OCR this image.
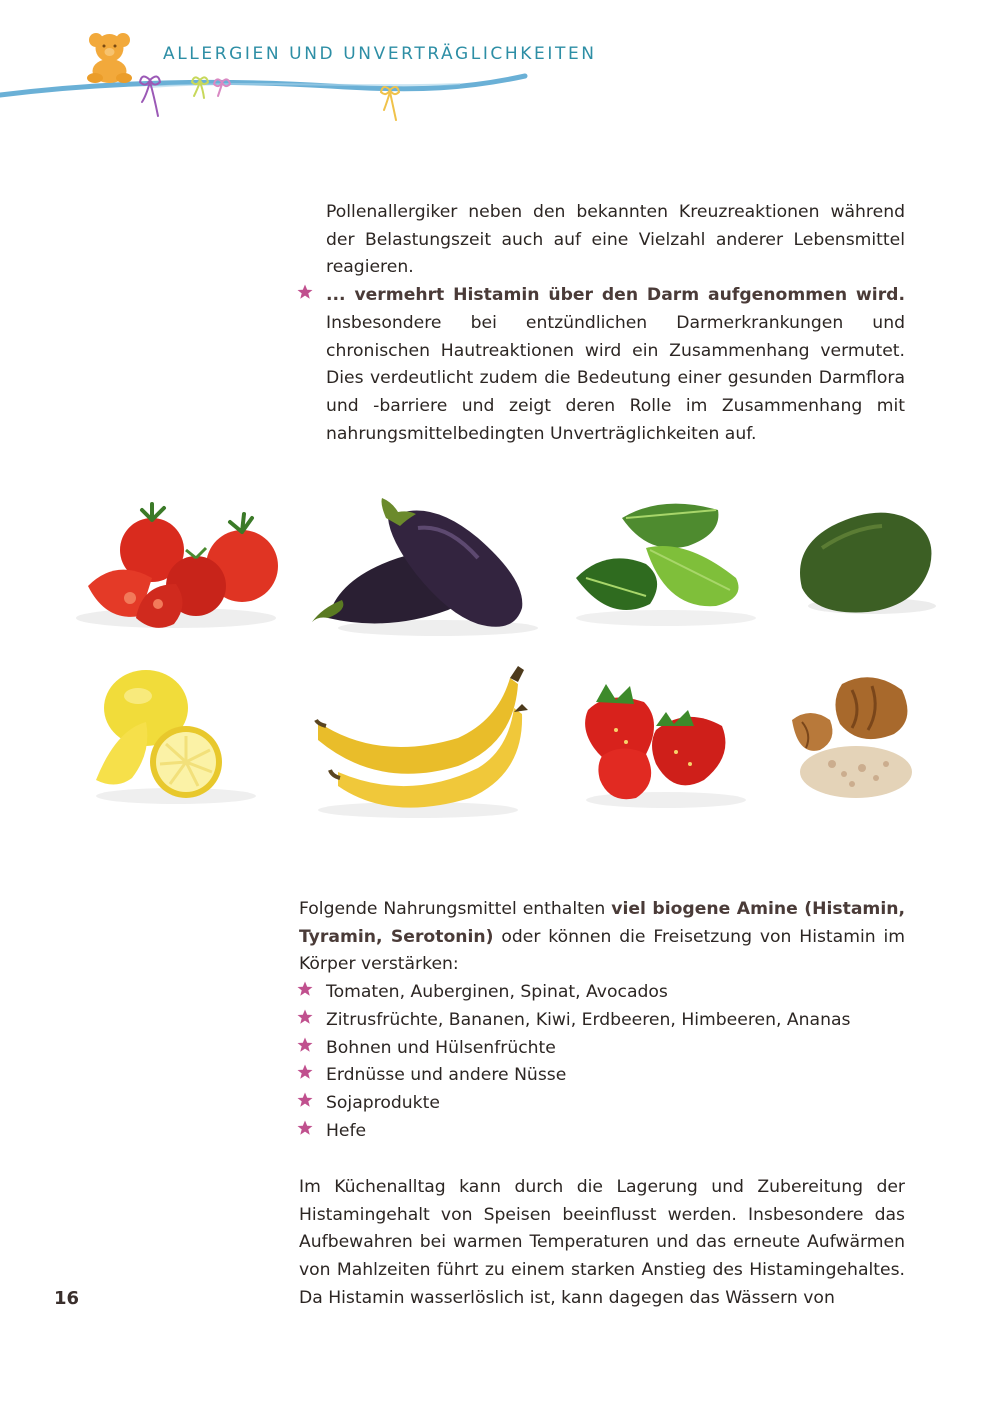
ALLERGIEN UND UNVERTRÄGLICHKEITEN

Pollenallergiker neben den bekannten Kreuzreaktionen während der Belastungszeit auch auf eine Vielzahl anderer Lebensmittel reagieren.

... vermehrt Histamin über den Darm aufgenommen wird. Insbesondere bei entzündlichen Darmerkrankungen und chronischen Hautreaktionen wird ein Zusammenhang vermutet. Dies verdeutlicht zudem die Bedeutung einer gesunden Darmflora und -barriere und zeigt deren Rolle im Zusammenhang mit nahrungsmittelbedingten Unverträglichkeiten auf.

Folgende Nahrungsmittel enthalten viel biogene Amine (Histamin, Tyramin, Serotonin) oder können die Freisetzung von Histamin im Körper verstärken:

Tomaten, Auberginen, Spinat, Avocados

Zitrusfrüchte, Bananen, Kiwi, Erdbeeren, Himbeeren, Ananas

Bohnen und Hülsenfrüchte

Erdnüsse und andere Nüsse

Sojaprodukte

Hefe

Im Küchenalltag kann durch die Lagerung und Zubereitung der Histamingehalt von Speisen beeinflusst werden. Insbesondere das Aufbewahren bei warmen Temperaturen und das erneute Aufwärmen von Mahlzeiten führt zu einem starken Anstieg des Histamingehaltes. Da Histamin wasserlöslich ist, kann dagegen das Wässern von

16
